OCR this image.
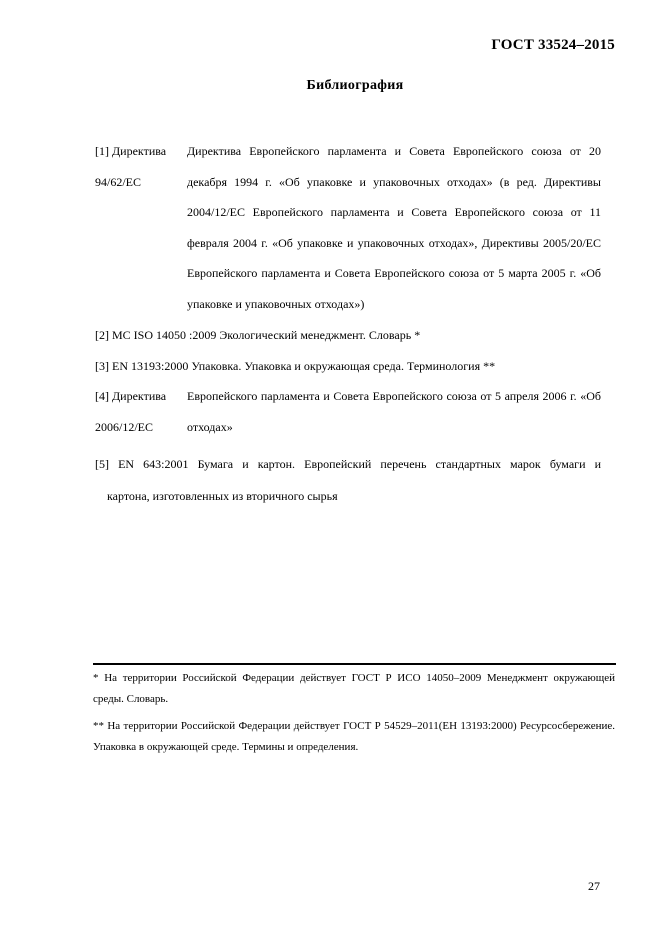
ГОСТ 33524–2015
Библиография
[1] Директива
94/62/EC
Директива Европейского парламента и Совета Европейского союза от 20 декабря 1994 г. «Об упаковке и упаковочных отходах» (в ред. Директивы 2004/12/EC Европейского парламента и Совета Европейского союза от 11 февраля 2004 г. «Об упаковке и упаковочных отходах», Директивы 2005/20/EC Европейского парламента и Совета Европейского союза от 5 марта 2005 г. «Об упаковке и упаковочных отходах»)
[2] MC ISO 14050 :2009 Экологический менеджмент. Словарь *
[3] EN 13193:2000 Упаковка. Упаковка и окружающая среда. Терминология **
[4] Директива
2006/12/EC
Европейского парламента и Совета Европейского союза от 5 апреля 2006 г. «Об отходах»
[5] EN 643:2001 Бумага и картон. Европейский перечень стандартных марок бумаги и
картона, изготовленных из вторичного сырья
* На территории Российской Федерации действует ГОСТ Р ИСО 14050–2009 Менеджмент окружающей среды. Словарь.
** На территории Российской Федерации действует ГОСТ Р 54529–2011(ЕН 13193:2000) Ресурсосбережение. Упаковка в окружающей среде. Термины и определения.
27
